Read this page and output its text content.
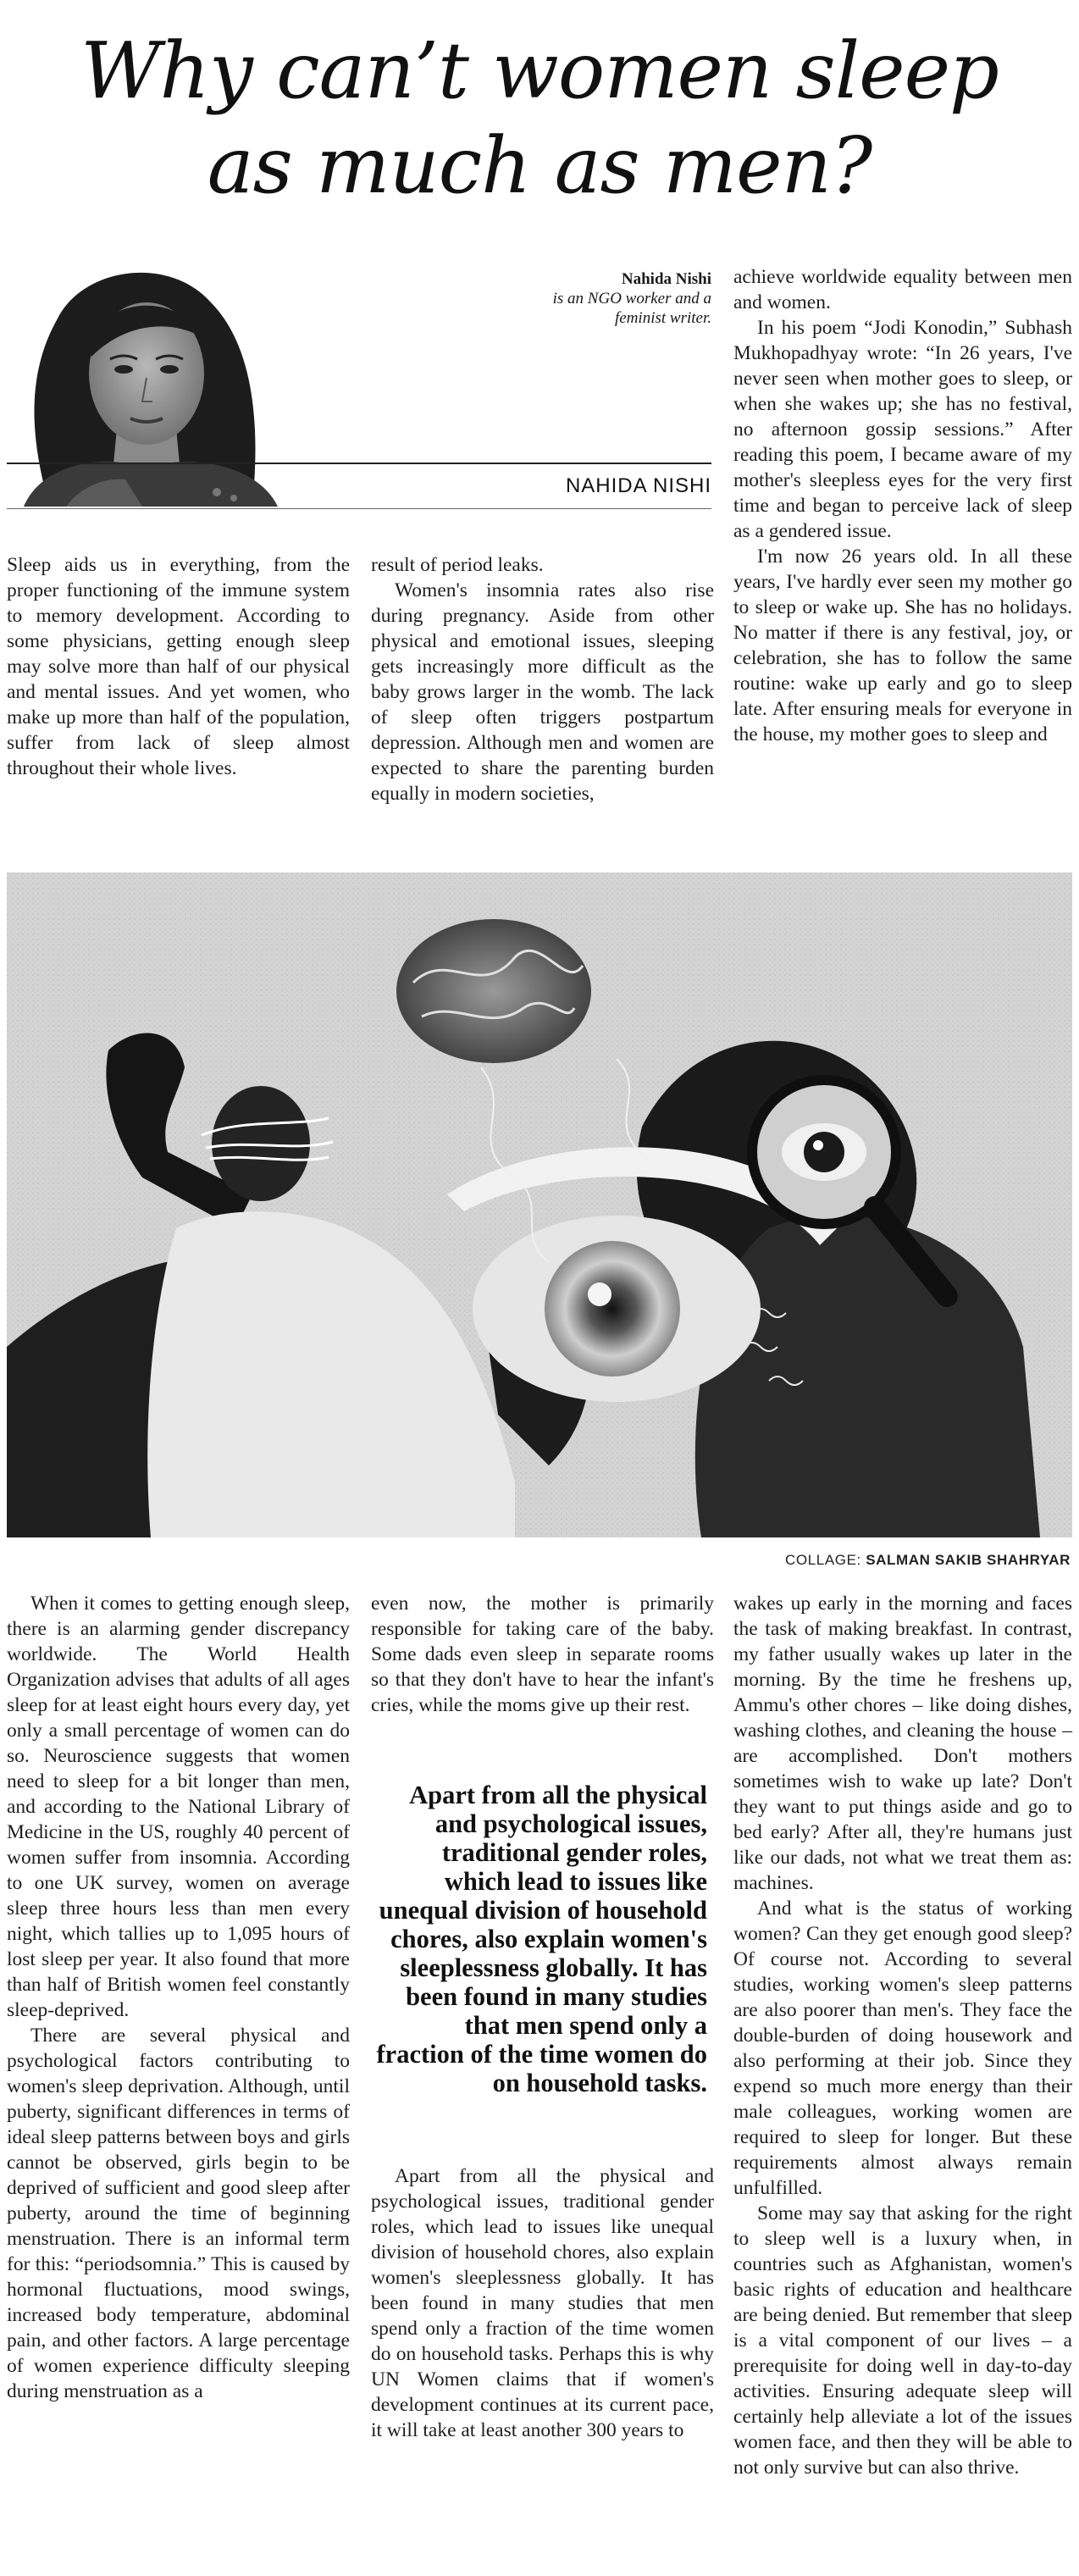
Why can’t women sleep
as much as men?
Nahida Nishi
is an NGO worker and a
feminist writer.
NAHIDA NISHI

Sleep aids us in everything, from the proper functioning of the immune system to memory development. According to some physicians, getting enough sleep may solve more than half of our physical and mental issues. And yet women, who make up more than half of the population, suffer from lack of sleep almost throughout their whole lives.

result of period leaks.

Women's insomnia rates also rise during pregnancy. Aside from other physical and emotional issues, sleeping gets increasingly more difficult as the baby grows larger in the womb. The lack of sleep often triggers postpartum depression. Although men and women are expected to share the parenting burden equally in modern societies,

achieve worldwide equality between men and women.

In his poem “Jodi Konodin,” Subhash Mukhopadhyay wrote: “In 26 years, I've never seen when mother goes to sleep, or when she wakes up; she has no festival, no afternoon gossip sessions.” After reading this poem, I became aware of my mother's sleepless eyes for the very first time and began to perceive lack of sleep as a gendered issue.

I'm now 26 years old. In all these years, I've hardly ever seen my mother go to sleep or wake up. She has no holidays. No matter if there is any festival, joy, or celebration, she has to follow the same routine: wake up early and go to sleep late. After ensuring meals for everyone in the house, my mother goes to sleep and

COLLAGE: SALMAN SAKIB SHAHRYAR

When it comes to getting enough sleep, there is an alarming gender discrepancy worldwide. The World Health Organization advises that adults of all ages sleep for at least eight hours every day, yet only a small percentage of women can do so. Neuroscience suggests that women need to sleep for a bit longer than men, and according to the National Library of Medicine in the US, roughly 40 percent of women suffer from insomnia. According to one UK survey, women on average sleep three hours less than men every night, which tallies up to 1,095 hours of lost sleep per year. It also found that more than half of British women feel constantly sleep-deprived.

There are several physical and psychological factors contributing to women's sleep deprivation. Although, until puberty, significant differences in terms of ideal sleep patterns between boys and girls cannot be observed, girls begin to be deprived of sufficient and good sleep after puberty, around the time of beginning menstruation. There is an informal term for this: “periodsomnia.” This is caused by hormonal fluctuations, mood swings, increased body temperature, abdominal pain, and other factors. A large percentage of women experience difficulty sleeping during menstruation as a

even now, the mother is primarily responsible for taking care of the baby. Some dads even sleep in separate rooms so that they don't have to hear the infant's cries, while the moms give up their rest.

Apart from all the physical and psychological issues, traditional gender roles, which lead to issues like unequal division of household chores, also explain women's sleeplessness globally. It has been found in many studies that men spend only a fraction of the time women do on household tasks.

Apart from all the physical and psychological issues, traditional gender roles, which lead to issues like unequal division of household chores, also explain women's sleeplessness globally. It has been found in many studies that men spend only a fraction of the time women do on household tasks. Perhaps this is why UN Women claims that if women's development continues at its current pace, it will take at least another 300 years to

wakes up early in the morning and faces the task of making breakfast. In contrast, my father usually wakes up later in the morning. By the time he freshens up, Ammu's other chores – like doing dishes, washing clothes, and cleaning the house – are accomplished. Don't mothers sometimes wish to wake up late? Don't they want to put things aside and go to bed early? After all, they're humans just like our dads, not what we treat them as: machines.

And what is the status of working women? Can they get enough good sleep? Of course not. According to several studies, working women's sleep patterns are also poorer than men's. They face the double-burden of doing housework and also performing at their job. Since they expend so much more energy than their male colleagues, working women are required to sleep for longer. But these requirements almost always remain unfulfilled.

Some may say that asking for the right to sleep well is a luxury when, in countries such as Afghanistan, women's basic rights of education and healthcare are being denied. But remember that sleep is a vital component of our lives – a prerequisite for doing well in day-to-day activities. Ensuring adequate sleep will certainly help alleviate a lot of the issues women face, and then they will be able to not only survive but can also thrive.
